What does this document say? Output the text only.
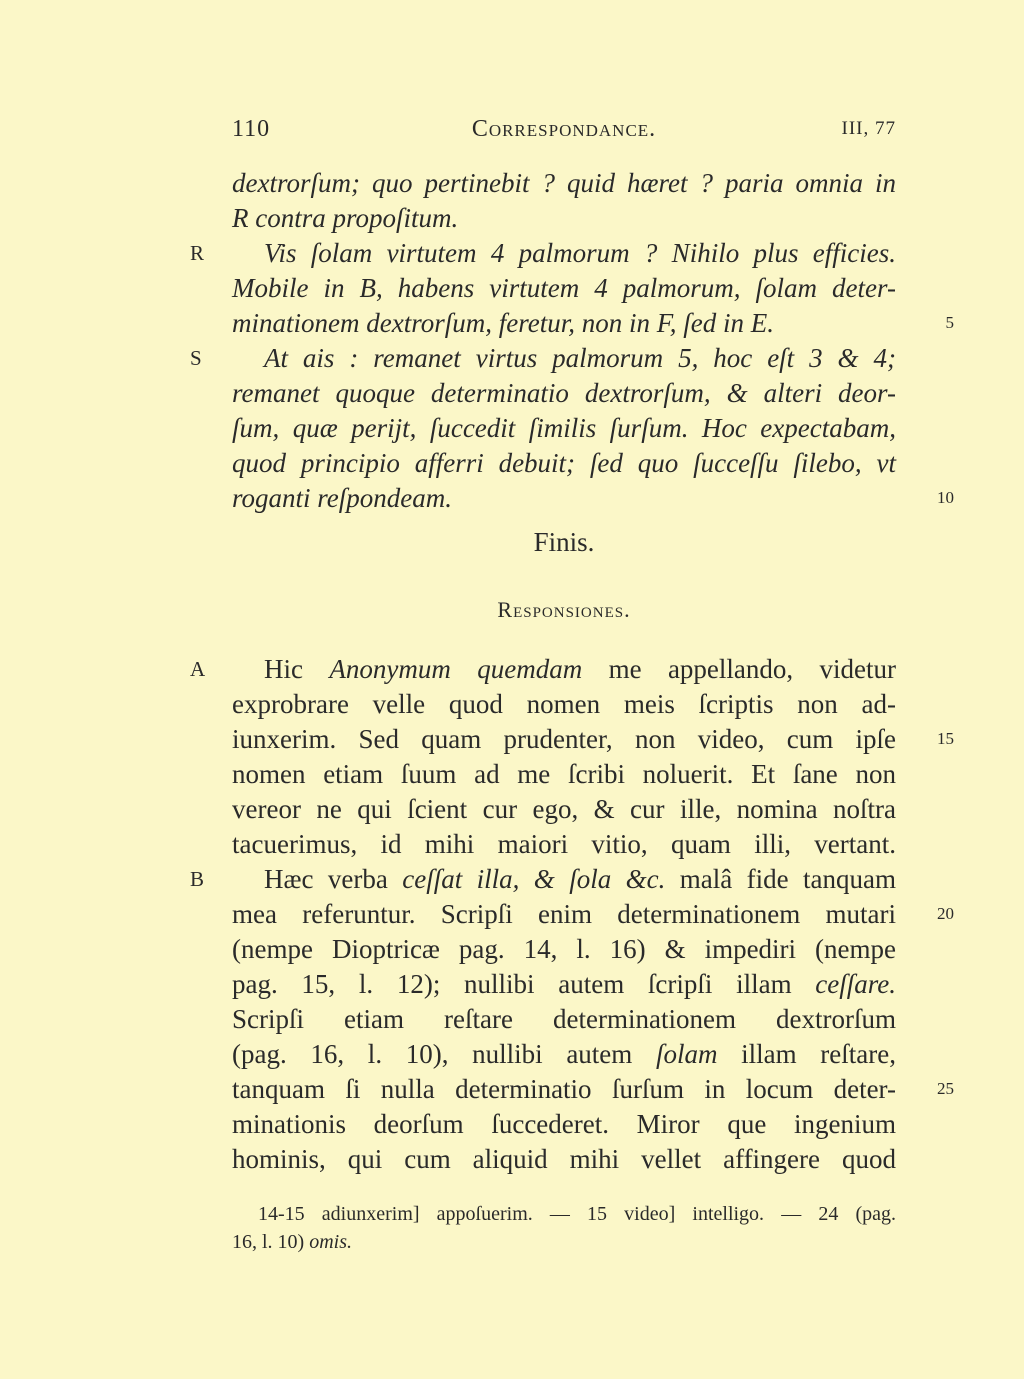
110	Correspondance.	III, 77
dextrorſum; quo pertinebit ? quid hæret ? paria omnia in
R contra propoſitum.
R	Vis ſolam virtutem 4 palmorum ? Nihilo plus efficies.
Mobile in B, habens virtutem 4 palmorum, ſolam deter-
minationem dextrorſum, feretur, non in F, ſed in E.	5
S	At ais : remanet virtus palmorum 5, hoc eſt 3 & 4;
remanet quoque determinatio dextrorſum, & alteri deor-
ſum, quæ perijt, ſuccedit ſimilis ſurſum. Hoc expectabam,
quod principio afferri debuit; ſed quo ſucceſſu ſilebo, vt
roganti reſpondeam.	10
Finis.
Responsiones.
A	Hic Anonymum quemdam me appellando, videtur
exprobrare velle quod nomen meis ſcriptis non ad-
iunxerim. Sed quam prudenter, non video, cum ipſe	15
nomen etiam ſuum ad me ſcribi noluerit. Et ſane non
vereor ne qui ſcient cur ego, & cur ille, nomina noſtra
tacuerimus, id mihi maiori vitio, quam illi, vertant.
B	Hæc verba ceſſat illa, & ſola &c. malâ fide tanquam
mea referuntur. Scripſi enim determinationem mutari	20
(nempe Dioptricæ pag. 14, l. 16) & impediri (nempe
pag. 15, l. 12); nullibi autem ſcripſi illam ceſſare.
Scripſi etiam reſtare determinationem dextrorſum
(pag. 16, l. 10), nullibi autem ſolam illam reſtare,
tanquam ſi nulla determinatio ſurſum in locum deter-	25
minationis deorſum ſuccederet. Miror que ingenium
hominis, qui cum aliquid mihi vellet affingere quod
14-15 adiunxerim] appoſuerim. — 15 video] intelligo. — 24 (pag.
16, l. 10) omis.
